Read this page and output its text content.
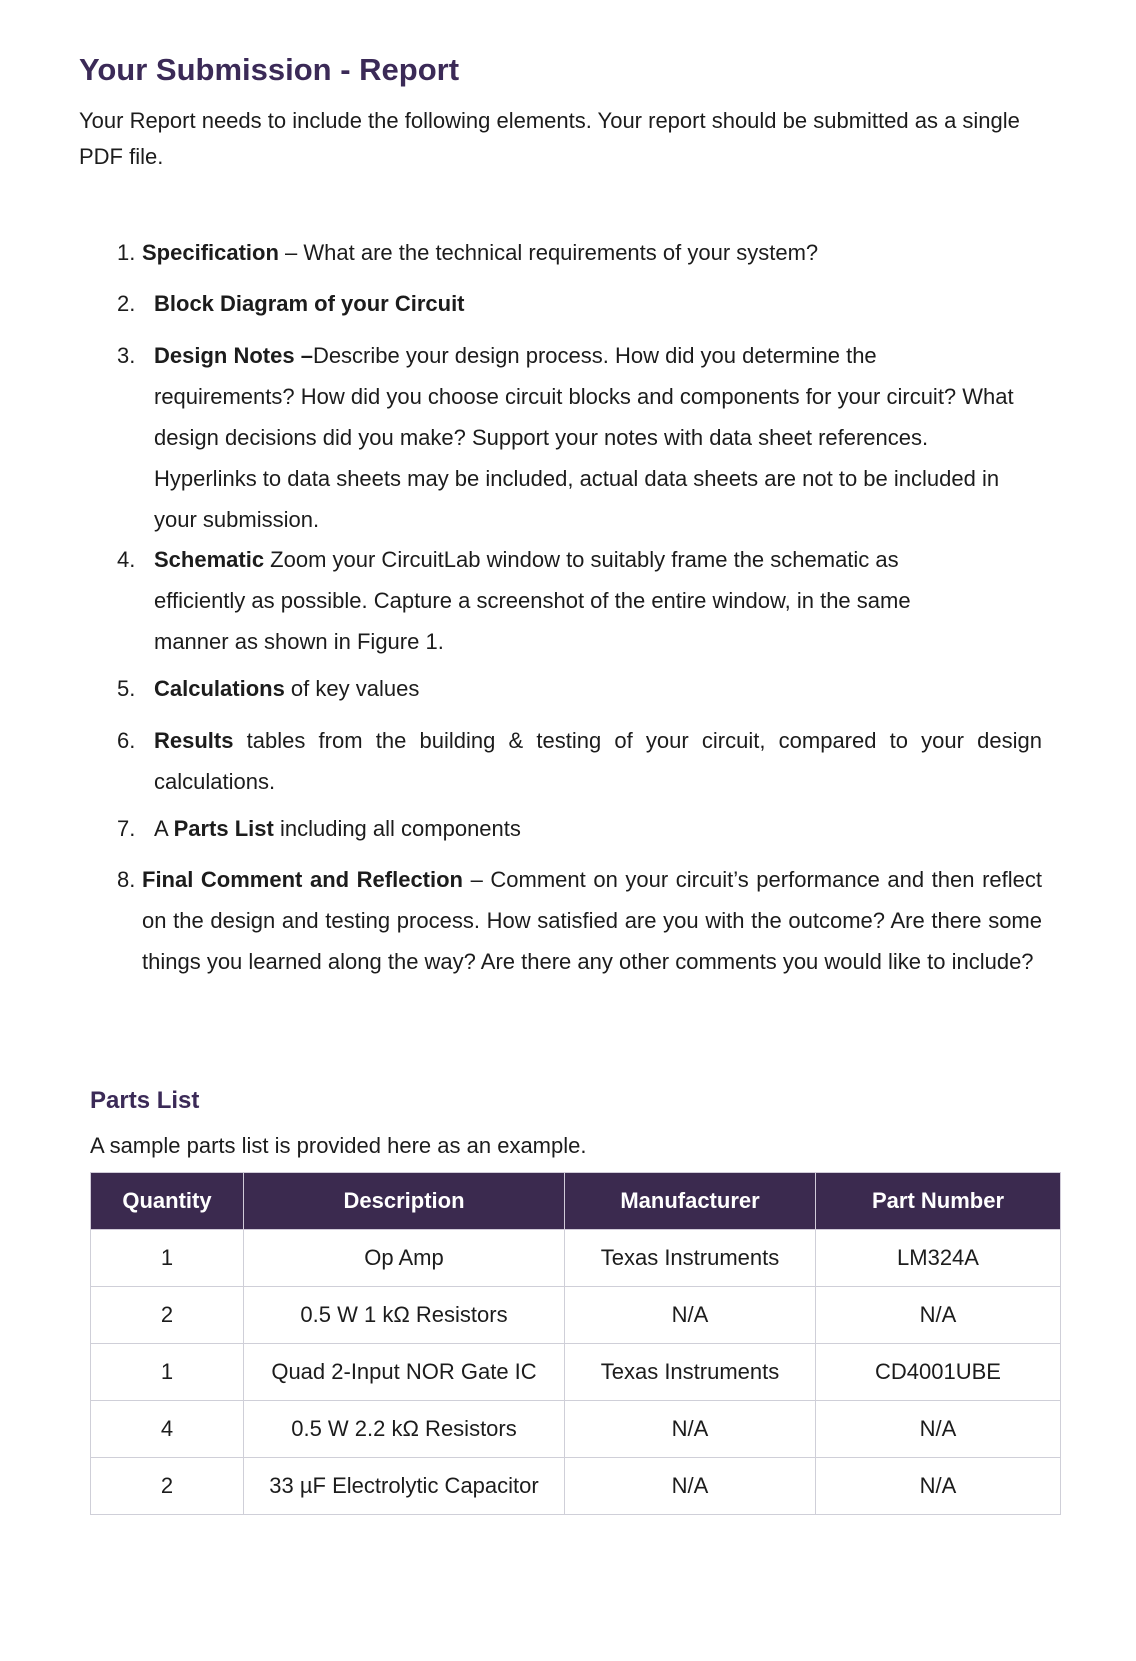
Your Submission - Report

Your Report needs to include the following elements. Your report should be submitted as a single PDF file.

1. Specification – What are the technical requirements of your system?
2. Block Diagram of your Circuit
3. Design Notes –Describe your design process. How did you determine the requirements? How did you choose circuit blocks and components for your circuit? What design decisions did you make? Support your notes with data sheet references. Hyperlinks to data sheets may be included, actual data sheets are not to be included in your submission.
4. Schematic Zoom your CircuitLab window to suitably frame the schematic as efficiently as possible. Capture a screenshot of the entire window, in the same manner as shown in Figure 1.
5. Calculations of key values
6. Results tables from the building & testing of your circuit, compared to your design calculations.
7. A Parts List including all components
8. Final Comment and Reflection – Comment on your circuit’s performance and then reflect on the design and testing process. How satisfied are you with the outcome? Are there some things you learned along the way? Are there any other comments you would like to include?
Parts List

A sample parts list is provided here as an example.

Quantity	Description	Manufacturer	Part Number
1	Op Amp	Texas Instruments	LM324A
2	0.5 W 1 kΩ Resistors	N/A	N/A
1	Quad 2-Input NOR Gate IC	Texas Instruments	CD4001UBE
4	0.5 W 2.2 kΩ Resistors	N/A	N/A
2	33 µF Electrolytic Capacitor	N/A	N/A
